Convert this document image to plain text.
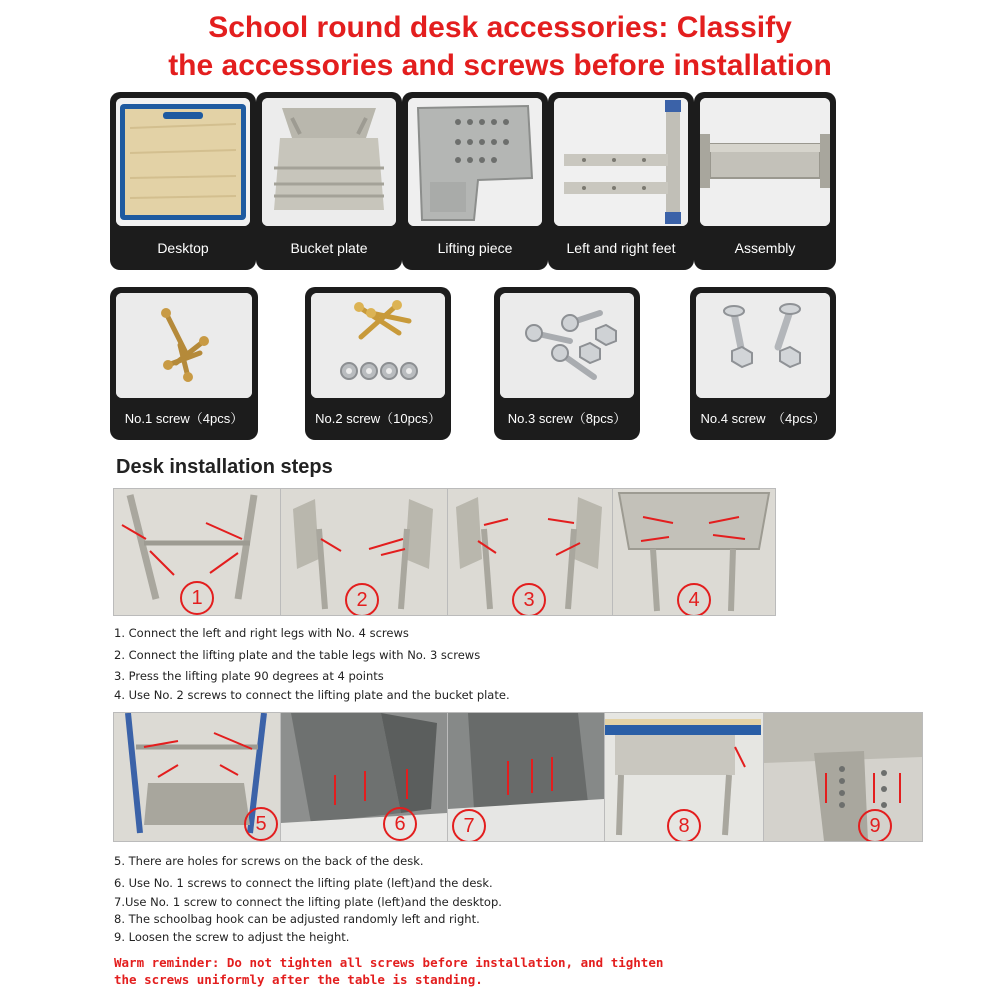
School round desk accessories: Classify
the accessories and screws before installation
Desktop	Bucket plate	Lifting piece	Left and right feet	Assembly
No.1 screw（4pcs）	No.2 screw（10pcs）	No.3 screw（8pcs）	No.4 screw　（4pcs）
Desk installation steps
1	2	3	4
1. Connect the left and right legs with No. 4 screws
2. Connect the lifting plate and the table legs with No. 3 screws
3. Press the lifting plate 90 degrees at 4 points
4. Use No. 2 screws to connect the lifting plate and the bucket plate.
5	6	7	8	9
5. There are holes for screws on the back of the desk.
6. Use No. 1 screws to connect the lifting plate (left)and the desk.
7.Use No. 1 screw to connect the lifting plate (left)and the desktop.
8. The schoolbag hook can be adjusted randomly left and right.
9. Loosen the screw to adjust the height.
Warm reminder: Do not tighten all screws before installation, and tighten the screws uniformly after the table is standing.
